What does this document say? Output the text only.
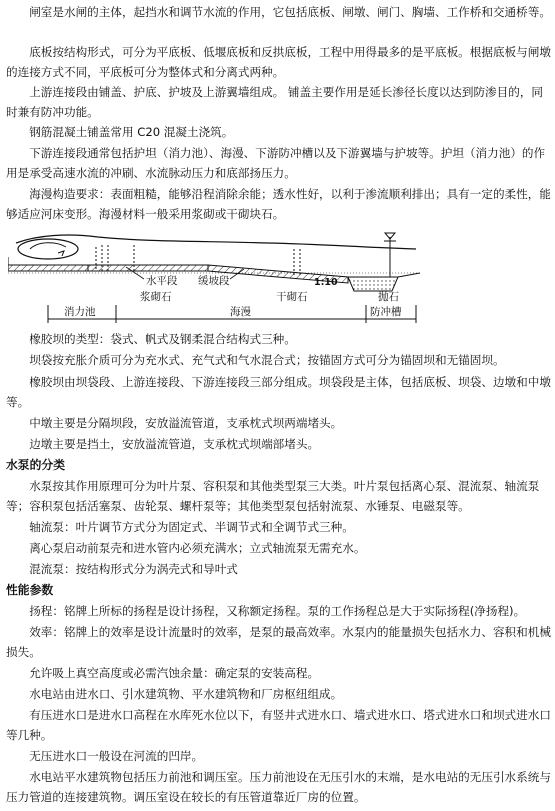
闸室是水闸的主体，起挡水和调节水流的作用，它包括底板、闸墩、闸门、胸墙、工作桥和交通桥等。

底板按结构形式，可分为平底板、低堰底板和反拱底板，工程中用得最多的是平底板。根据底板与闸墩的连接方式不同，平底板可分为整体式和分离式两种。

上游连接段由铺盖、护底、护坡及上游翼墙组成。 铺盖主要作用是延长渗径长度以达到防渗目的，同时兼有防冲功能。

钢筋混凝土铺盖常用 C20 混凝土浇筑。

下游连接段通常包括护坦（消力池）、海漫、下游防冲槽以及下游翼墙与护坡等。护坦（消力池）的作用是承受高速水流的冲刷、水流脉动压力和底部扬压力。

海漫构造要求：表面粗糙，能够沿程消除余能；透水性好，以利于渗流顺利排出；具有一定的柔性，能够适应河床变形。海漫材料一般采用浆砌或干砌块石。

水平段 缓坡段	1:10
浆砌石	干砌石	抛石
消力池	海漫	防冲槽

橡胶坝的类型：袋式、帆式及钢柔混合结构式三种。

坝袋按充胀介质可分为充水式、充气式和气水混合式；按锚固方式可分为锚固坝和无锚固坝。

橡胶坝由坝袋段、上游连接段、下游连接段三部分组成。坝袋段是主体，包括底板、坝袋、边墩和中墩等。

中墩主要是分隔坝段，安放溢流管道，支承枕式坝两端堵头。

边墩主要是挡土，安放溢流管道，支承枕式坝端部堵头。

水泵的分类

水泵按其作用原理可分为叶片泵、容积泵和其他类型泵三大类。叶片泵包括离心泵、混流泵、轴流泵等；容积泵包括活塞泵、齿轮泵、螺杆泵等；其他类型泵包括射流泵、水锤泵、电磁泵等。

轴流泵：叶片调节方式分为固定式、半调节式和全调节式三种。

离心泵启动前泵壳和进水管内必须充满水；立式轴流泵无需充水。

混流泵：按结构形式分为涡壳式和导叶式

性能参数

扬程：铭牌上所标的扬程是设计扬程，又称额定扬程。泵的工作扬程总是大于实际扬程(净扬程)。

效率：铭牌上的效率是设计流量时的效率，是泵的最高效率。水泵内的能量损失包括水力、容积和机械损失。

允许吸上真空高度或必需汽蚀余量：确定泵的安装高程。

水电站由进水口、引水建筑物、平水建筑物和厂房枢纽组成。

有压进水口是进水口高程在水库死水位以下，有竖井式进水口、墙式进水口、塔式进水口和坝式进水口等几种。

无压进水口一般设在河流的凹岸。

水电站平水建筑物包括压力前池和调压室。压力前池设在无压引水的末端，是水电站的无压引水系统与压力管道的连接建筑物。调压室设在较长的有压管道靠近厂房的位置。
